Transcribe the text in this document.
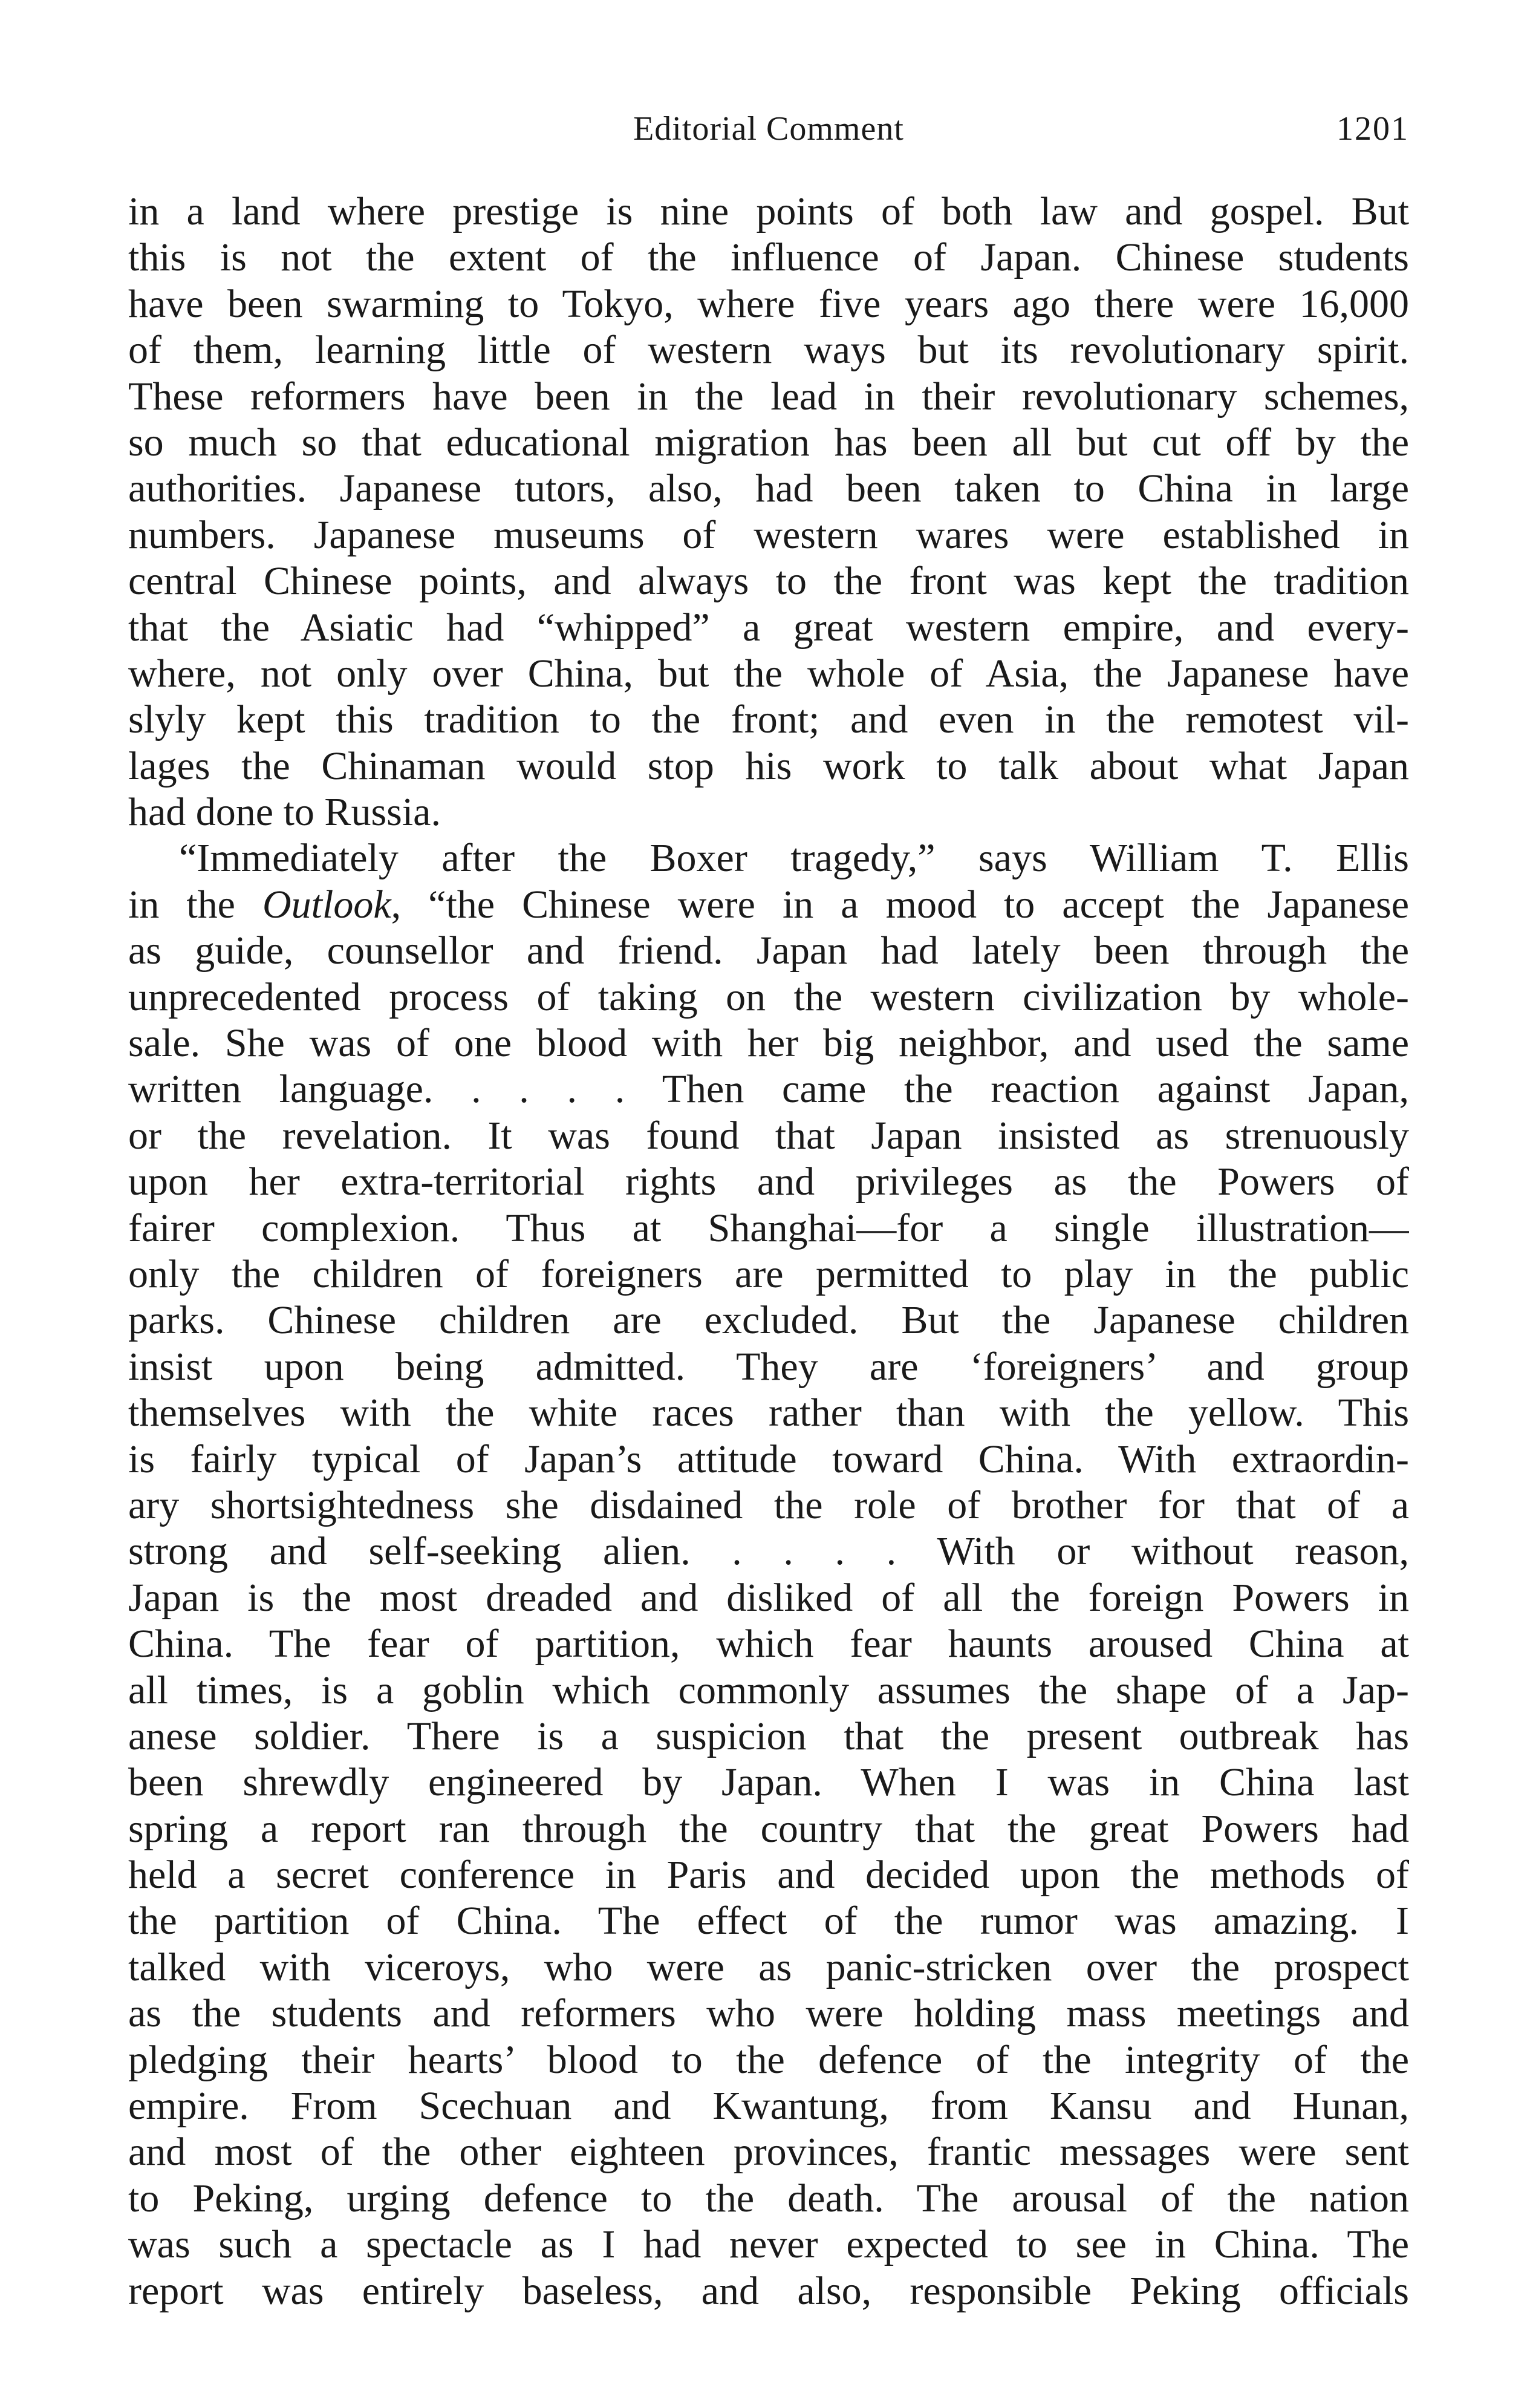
Editorial Comment	1201
in a land where prestige is nine points of both law and gospel. But
this is not the extent of the influence of Japan. Chinese students
have been swarming to Tokyo, where five years ago there were 16,000
of them, learning little of western ways but its revolutionary spirit.
These reformers have been in the lead in their revolutionary schemes,
so much so that educational migration has been all but cut off by the
authorities. Japanese tutors, also, had been taken to China in large
numbers. Japanese museums of western wares were established in
central Chinese points, and always to the front was kept the tradition
that the Asiatic had “whipped” a great western empire, and every-
where, not only over China, but the whole of Asia, the Japanese have
slyly kept this tradition to the front; and even in the remotest vil-
lages the Chinaman would stop his work to talk about what Japan
had done to Russia.
“Immediately after the Boxer tragedy,” says William T. Ellis
in the Outlook, “the Chinese were in a mood to accept the Japanese
as guide, counsellor and friend. Japan had lately been through the
unprecedented process of taking on the western civilization by whole-
sale. She was of one blood with her big neighbor, and used the same
written language. . . . . Then came the reaction against Japan,
or the revelation. It was found that Japan insisted as strenuously
upon her extra-territorial rights and privileges as the Powers of
fairer complexion. Thus at Shanghai—for a single illustration—
only the children of foreigners are permitted to play in the public
parks. Chinese children are excluded. But the Japanese children
insist upon being admitted. They are ‘foreigners’ and group
themselves with the white races rather than with the yellow. This
is fairly typical of Japan’s attitude toward China. With extraordin-
ary shortsightedness she disdained the role of brother for that of a
strong and self-seeking alien. . . . . With or without reason,
Japan is the most dreaded and disliked of all the foreign Powers in
China. The fear of partition, which fear haunts aroused China at
all times, is a goblin which commonly assumes the shape of a Jap-
anese soldier. There is a suspicion that the present outbreak has
been shrewdly engineered by Japan. When I was in China last
spring a report ran through the country that the great Powers had
held a secret conference in Paris and decided upon the methods of
the partition of China. The effect of the rumor was amazing. I
talked with viceroys, who were as panic-stricken over the prospect
as the students and reformers who were holding mass meetings and
pledging their hearts’ blood to the defence of the integrity of the
empire. From Scechuan and Kwantung, from Kansu and Hunan,
and most of the other eighteen provinces, frantic messages were sent
to Peking, urging defence to the death. The arousal of the nation
was such a spectacle as I had never expected to see in China. The
report was entirely baseless, and also, responsible Peking officials
